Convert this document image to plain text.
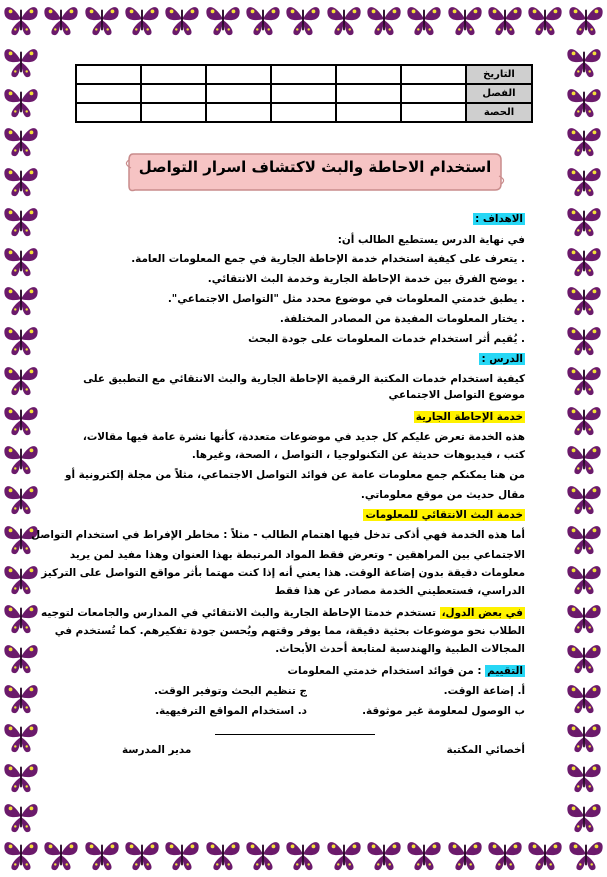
التاريخ						
الفصل						
الحصة						
استخدام الاحاطة والبث لاكتشاف اسرار التواصل
الاهداف :
في نهاية الدرس يستطيع الطالب أن:
. يتعرف على كيفية استخدام خدمة الإحاطة الجارية في جمع المعلومات العامة.
. يوضح الفرق بين خدمة الإحاطة الجارية وخدمة البث الانتقائي.
. يطبق خدمتي المعلومات في موضوع محدد مثل "التواصل الاجتماعي".
. يختار المعلومات المفيدة من المصادر المختلفة.
. يُقيم أثر استخدام خدمات المعلومات على جودة البحث
الدرس :
كيفية استخدام خدمات المكتبة الرقمية الإحاطة الجارية والبث الانتقائي مع التطبيق على
موضوع التواصل الاجتماعي
خدمة الإحاطة الجارية
هذه الخدمة تعرض عليكم كل جديد في موضوعات متعددة، كأنها نشرة عامة فيها مقالات،
كتب ، فيديوهات حديثة عن التكنولوجيا ، التواصل ، الصحة، وغيرها.
من هنا يمكنكم جمع معلومات عامة عن فوائد التواصل الاجتماعي، مثلاً من مجلة إلكترونية أو
مقال حديث من موقع معلوماتي.
خدمة البث الانتقائي للمعلومات
أما هذه الخدمة فهي أذكى تدخل فيها اهتمام الطالب - مثلاً : مخاطر الإفراط في استخدام التواصل
الاجتماعي بين المراهقين - وتعرض فقط المواد المرتبطة بهذا العنوان وهذا مفيد لمن يريد
معلومات دقيقة بدون إضاعة الوقت. هذا يعني أنه إذا كنت مهتما بأثر مواقع التواصل على التركيز
الدراسي، فستعطيني الخدمة مصادر عن هذا فقط
في بعض الدول، تستخدم خدمتا الإحاطة الجارية والبث الانتقائي في المدارس والجامعات لتوجيه
الطلاب نحو موضوعات بحثية دقيقة، مما يوفر وقتهم ويُحسن جودة تفكيرهم. كما تُستخدم في
المجالات الطبية والهندسية لمتابعة أحدث الأبحاث.
التقييم : من فوائد استخدام خدمتي المعلومات
أ. إضاعة الوقت.
ج تنظيم البحث وتوفير الوقت.
ب الوصول لمعلومة غير موثوقة.
د. استخدام المواقع الترفيهية.
أخصائي المكتبة
مدير المدرسة
